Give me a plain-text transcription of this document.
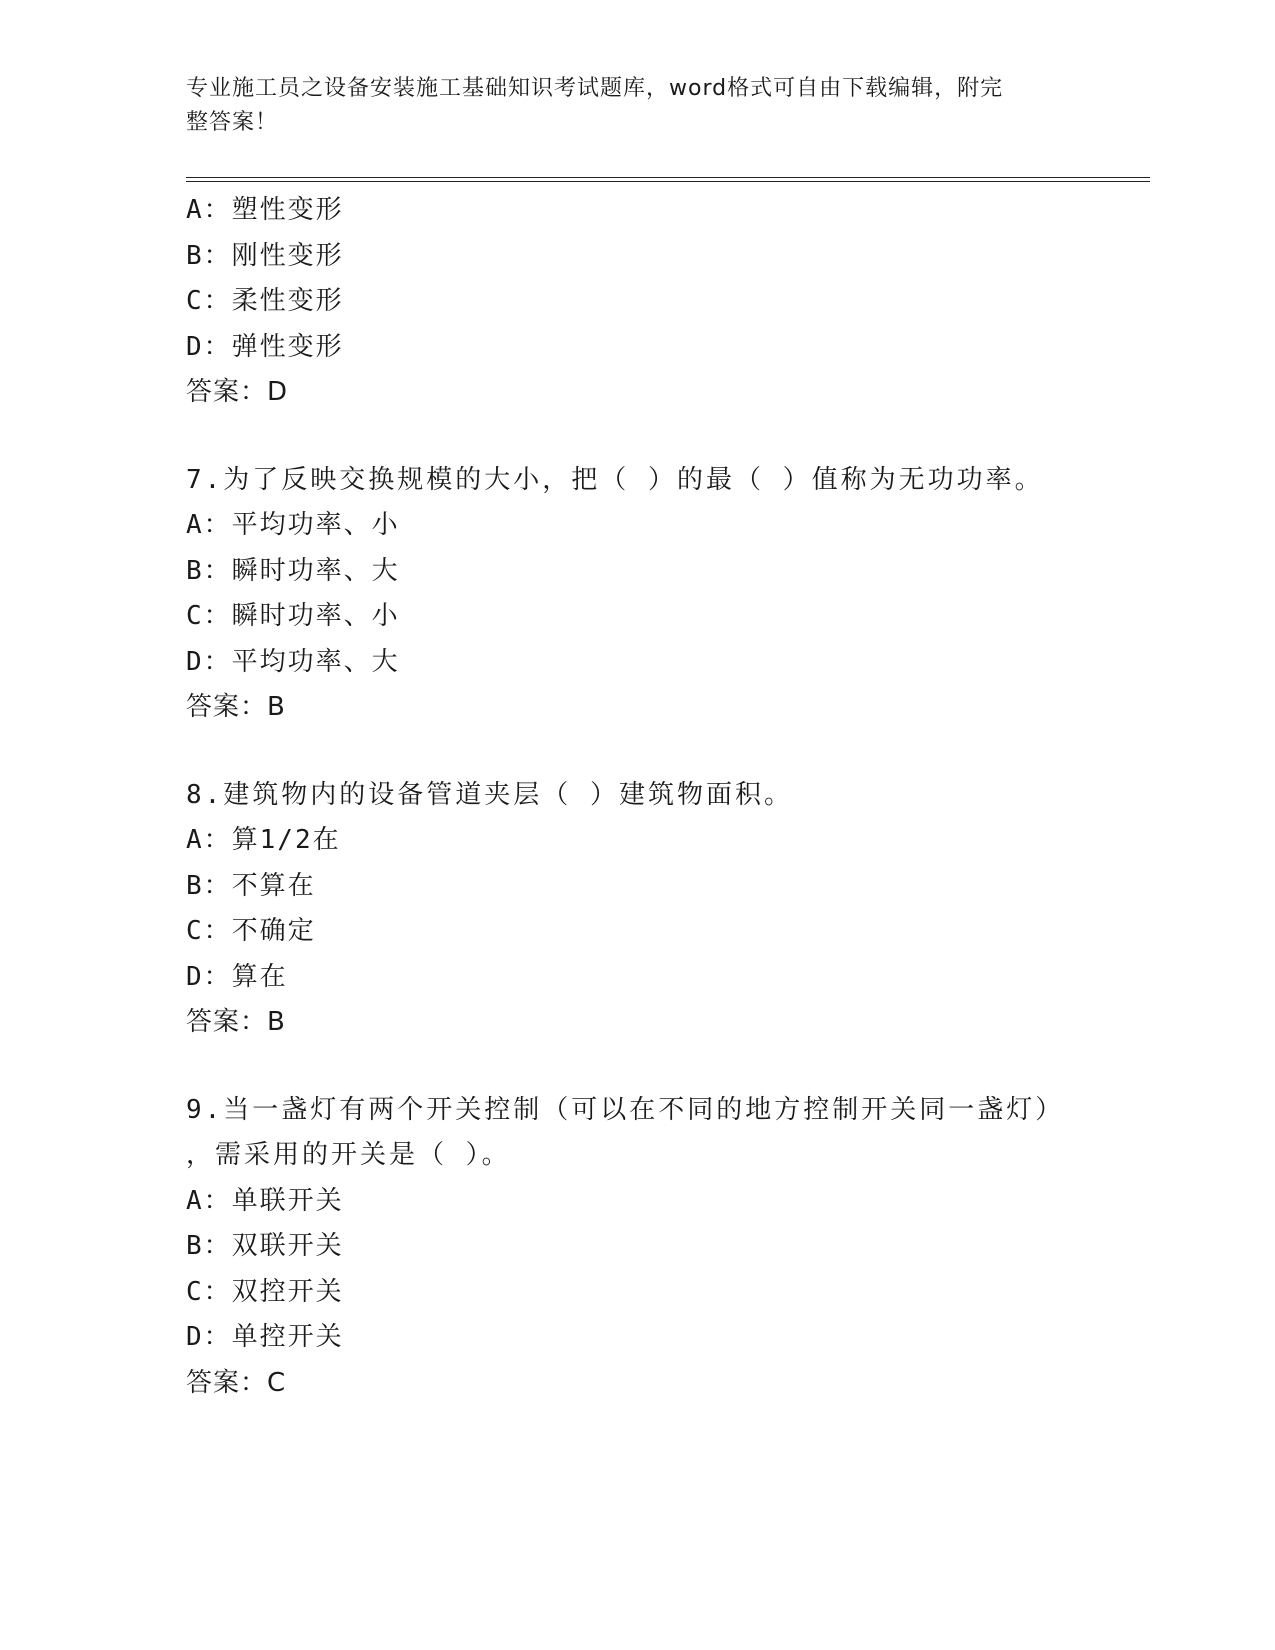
专业施工员之设备安装施工基础知识考试题库，word格式可自由下载编辑，附完
整答案！
A：塑性变形
B：刚性变形
C：柔性变形
D：弹性变形
答案：D
7.为了反映交换规模的大小，把（ ）的最（ ）值称为无功功率。
A：平均功率、小
B：瞬时功率、大
C：瞬时功率、小
D：平均功率、大
答案：B
8.建筑物内的设备管道夹层（ ）建筑物面积。
A：算1/2在
B：不算在
C：不确定
D：算在
答案：B
9.当一盏灯有两个开关控制（可以在不同的地方控制开关同一盏灯）
，需采用的开关是（ ）。
A：单联开关
B：双联开关
C：双控开关
D：单控开关
答案：C
